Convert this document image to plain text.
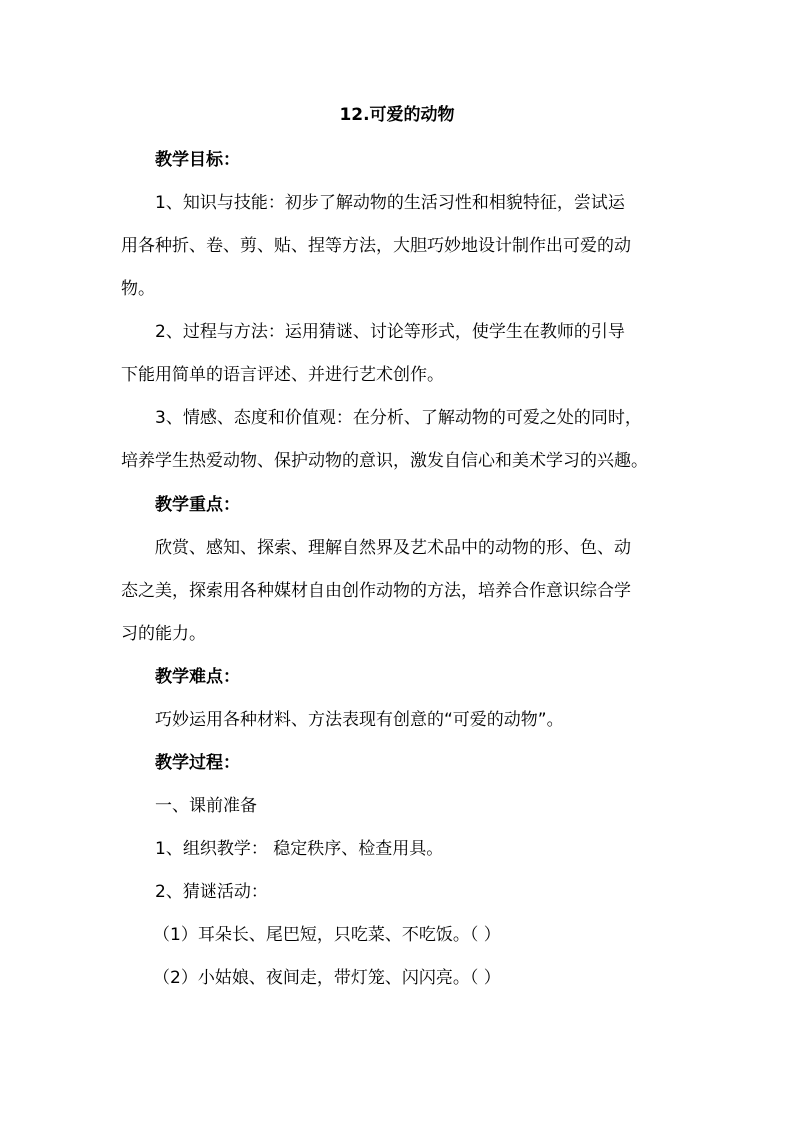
12.可爱的动物

教学目标：

1、知识与技能：初步了解动物的生活习性和相貌特征，尝试运
用各种折、卷、剪、贴、捏等方法，大胆巧妙地设计制作出可爱的动
物。
2、过程与方法：运用猜谜、讨论等形式，使学生在教师的引导
下能用简单的语言评述、并进行艺术创作。
3、情感、态度和价值观：在分析、了解动物的可爱之处的同时，
培养学生热爱动物、保护动物的意识，激发自信心和美术学习的兴趣。

教学重点：

欣赏、感知、探索、理解自然界及艺术品中的动物的形、色、动
态之美，探索用各种媒材自由创作动物的方法，培养合作意识综合学
习的能力。

教学难点：

巧妙运用各种材料、方法表现有创意的“可爱的动物”。

教学过程：

一、课前准备
1、组织教学： 稳定秩序、检查用具。
2、猜谜活动：
（1）耳朵长、尾巴短，只吃菜、不吃饭。（ ）
（2）小姑娘、夜间走，带灯笼、闪闪亮。（ ）
